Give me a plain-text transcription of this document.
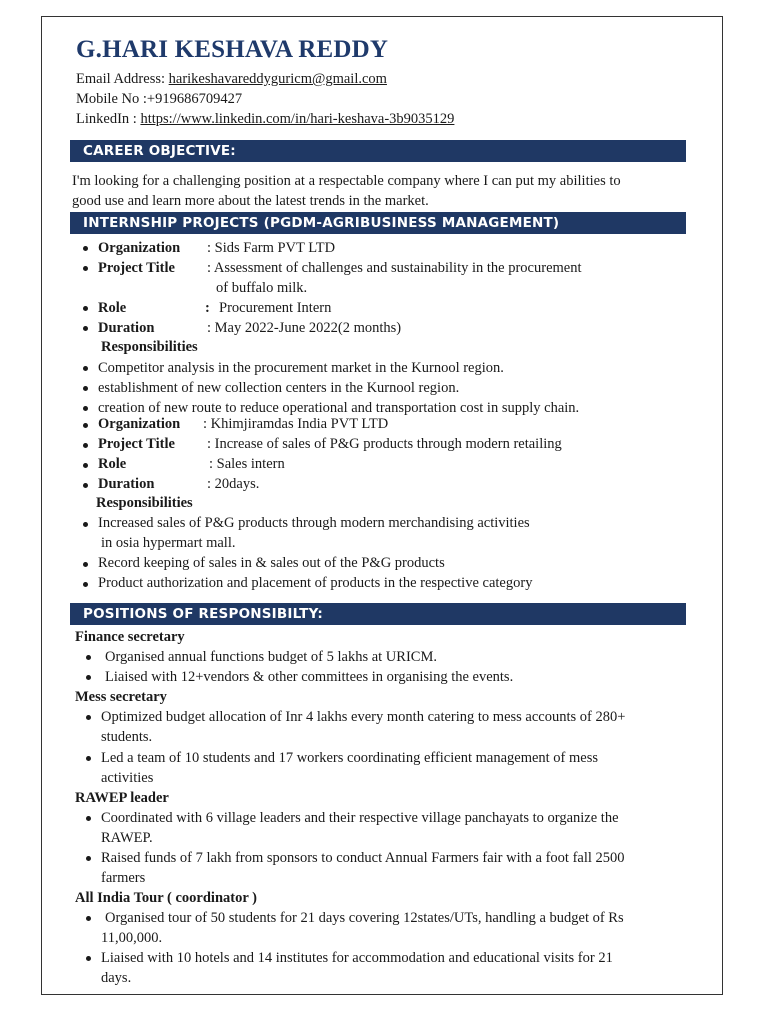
G.HARI KESHAVA REDDY
Email Address: harikeshavareddyguricm@gmail.com
Mobile No :+919686709427
LinkedIn : https://www.linkedin.com/in/hari-keshava-3b9035129
CAREER OBJECTIVE:
I'm looking for a challenging position at a respectable company where I can put my abilities to
good use and learn more about the latest trends in the market.
INTERNSHIP PROJECTS (PGDM-AGRIBUSINESS MANAGEMENT)
Organization : Sids Farm PVT LTD
Project Title : Assessment of challenges and sustainability in the procurement
of buffalo milk.
Role	: Procurement Intern
Duration	: May 2022-June 2022(2 months)
Responsibilities
Competitor analysis in the procurement market in the Kurnool region.
establishment of new collection centers in the Kurnool region.
creation of new route to reduce operational and transportation cost in supply chain.
Organization : Khimjiramdas India PVT LTD
Project Title : Increase of sales of P&G products through modern retailing
Role	: Sales intern
Duration	: 20days.
Responsibilities
Increased sales of P&G products through modern merchandising activities
in osia hypermart mall.
Record keeping of sales in & sales out of the P&G products
Product authorization and placement of products in the respective category
POSITIONS OF RESPONSIBILTY:
Finance secretary
Organised annual functions budget of 5 lakhs at URICM.
Liaised with 12+vendors & other committees in organising the events.
Mess secretary
Optimized budget allocation of Inr 4 lakhs every month catering to mess accounts of 280+
students.
Led a team of 10 students and 17 workers coordinating efficient management of mess
activities
RAWEP leader
Coordinated with 6 village leaders and their respective village panchayats to organize the
RAWEP.
Raised funds of 7 lakh from sponsors to conduct Annual Farmers fair with a foot fall 2500
farmers
All India Tour ( coordinator )
Organised tour of 50 students for 21 days covering 12states/UTs, handling a budget of Rs
11,00,000.
Liaised with 10 hotels and 14 institutes for accommodation and educational visits for 21
days.
